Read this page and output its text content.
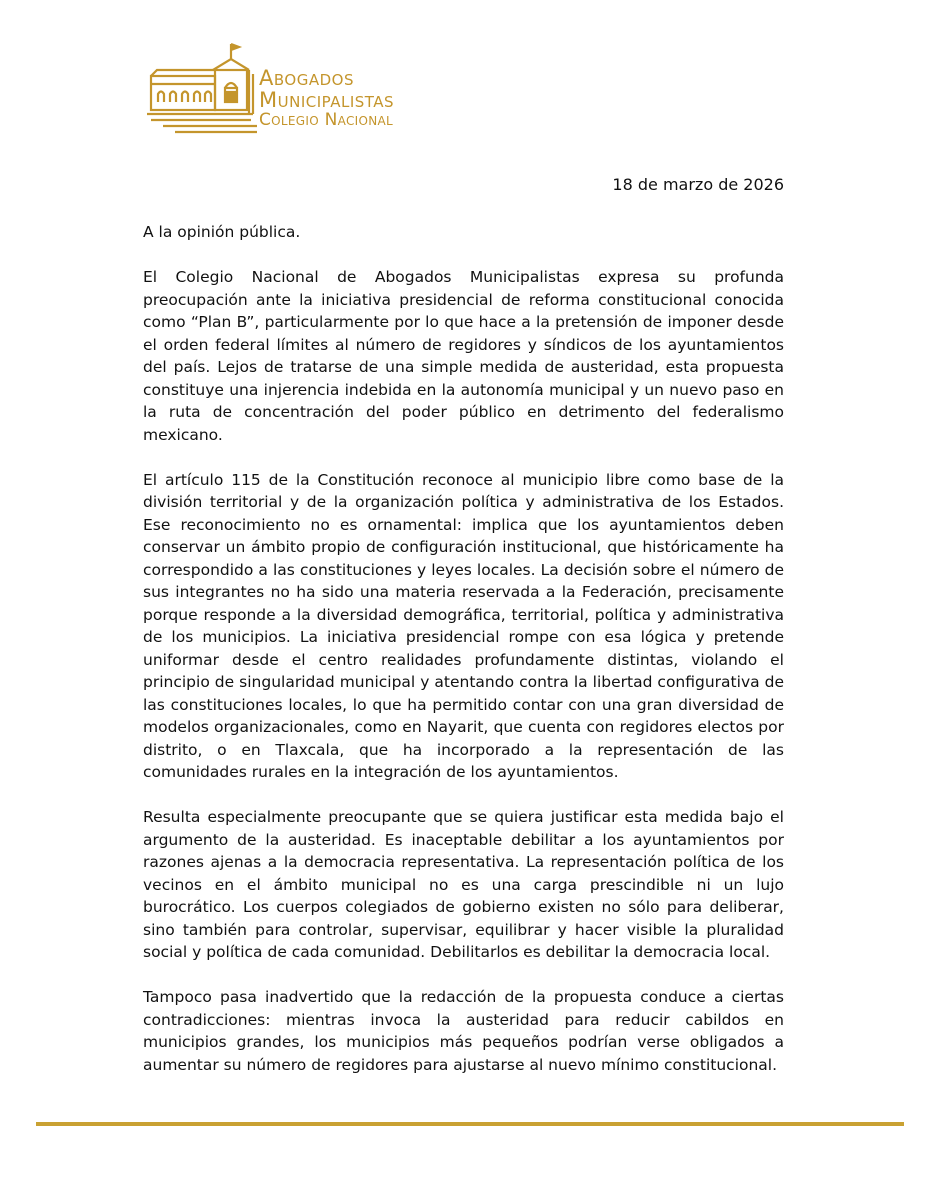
Abogados
Municipalistas
Colegio Nacional
18 de marzo de 2026

A la opinión pública.

El Colegio Nacional de Abogados Municipalistas expresa su profunda preocupación ante la iniciativa presidencial de reforma constitucional conocida como “Plan B”, particularmente por lo que hace a la pretensión de imponer desde el orden federal límites al número de regidores y síndicos de los ayuntamientos del país. Lejos de tratarse de una simple medida de austeridad, esta propuesta constituye una injerencia indebida en la autonomía municipal y un nuevo paso en la ruta de concentración del poder público en detrimento del federalismo mexicano.

El artículo 115 de la Constitución reconoce al municipio libre como base de la división territorial y de la organización política y administrativa de los Estados. Ese reconocimiento no es ornamental: implica que los ayuntamientos deben conservar un ámbito propio de configuración institucional, que históricamente ha correspondido a las constituciones y leyes locales. La decisión sobre el número de sus integrantes no ha sido una materia reservada a la Federación, precisamente porque responde a la diversidad demográfica, territorial, política y administrativa de los municipios. La iniciativa presidencial rompe con esa lógica y pretende uniformar desde el centro realidades profundamente distintas, violando el principio de singularidad municipal y atentando contra la libertad configurativa de las constituciones locales, lo que ha permitido contar con una gran diversidad de modelos organizacionales, como en Nayarit, que cuenta con regidores electos por distrito, o en Tlaxcala, que ha incorporado a la representación de las comunidades rurales en la integración de los ayuntamientos.

Resulta especialmente preocupante que se quiera justificar esta medida bajo el argumento de la austeridad. Es inaceptable debilitar a los ayuntamientos por razones ajenas a la democracia representativa. La representación política de los vecinos en el ámbito municipal no es una carga prescindible ni un lujo burocrático. Los cuerpos colegiados de gobierno existen no sólo para deliberar, sino también para controlar, supervisar, equilibrar y hacer visible la pluralidad social y política de cada comunidad. Debilitarlos es debilitar la democracia local.

Tampoco pasa inadvertido que la redacción de la propuesta conduce a ciertas contradicciones: mientras invoca la austeridad para reducir cabildos en municipios grandes, los municipios más pequeños podrían verse obligados a aumentar su número de regidores para ajustarse al nuevo mínimo constitucional.
